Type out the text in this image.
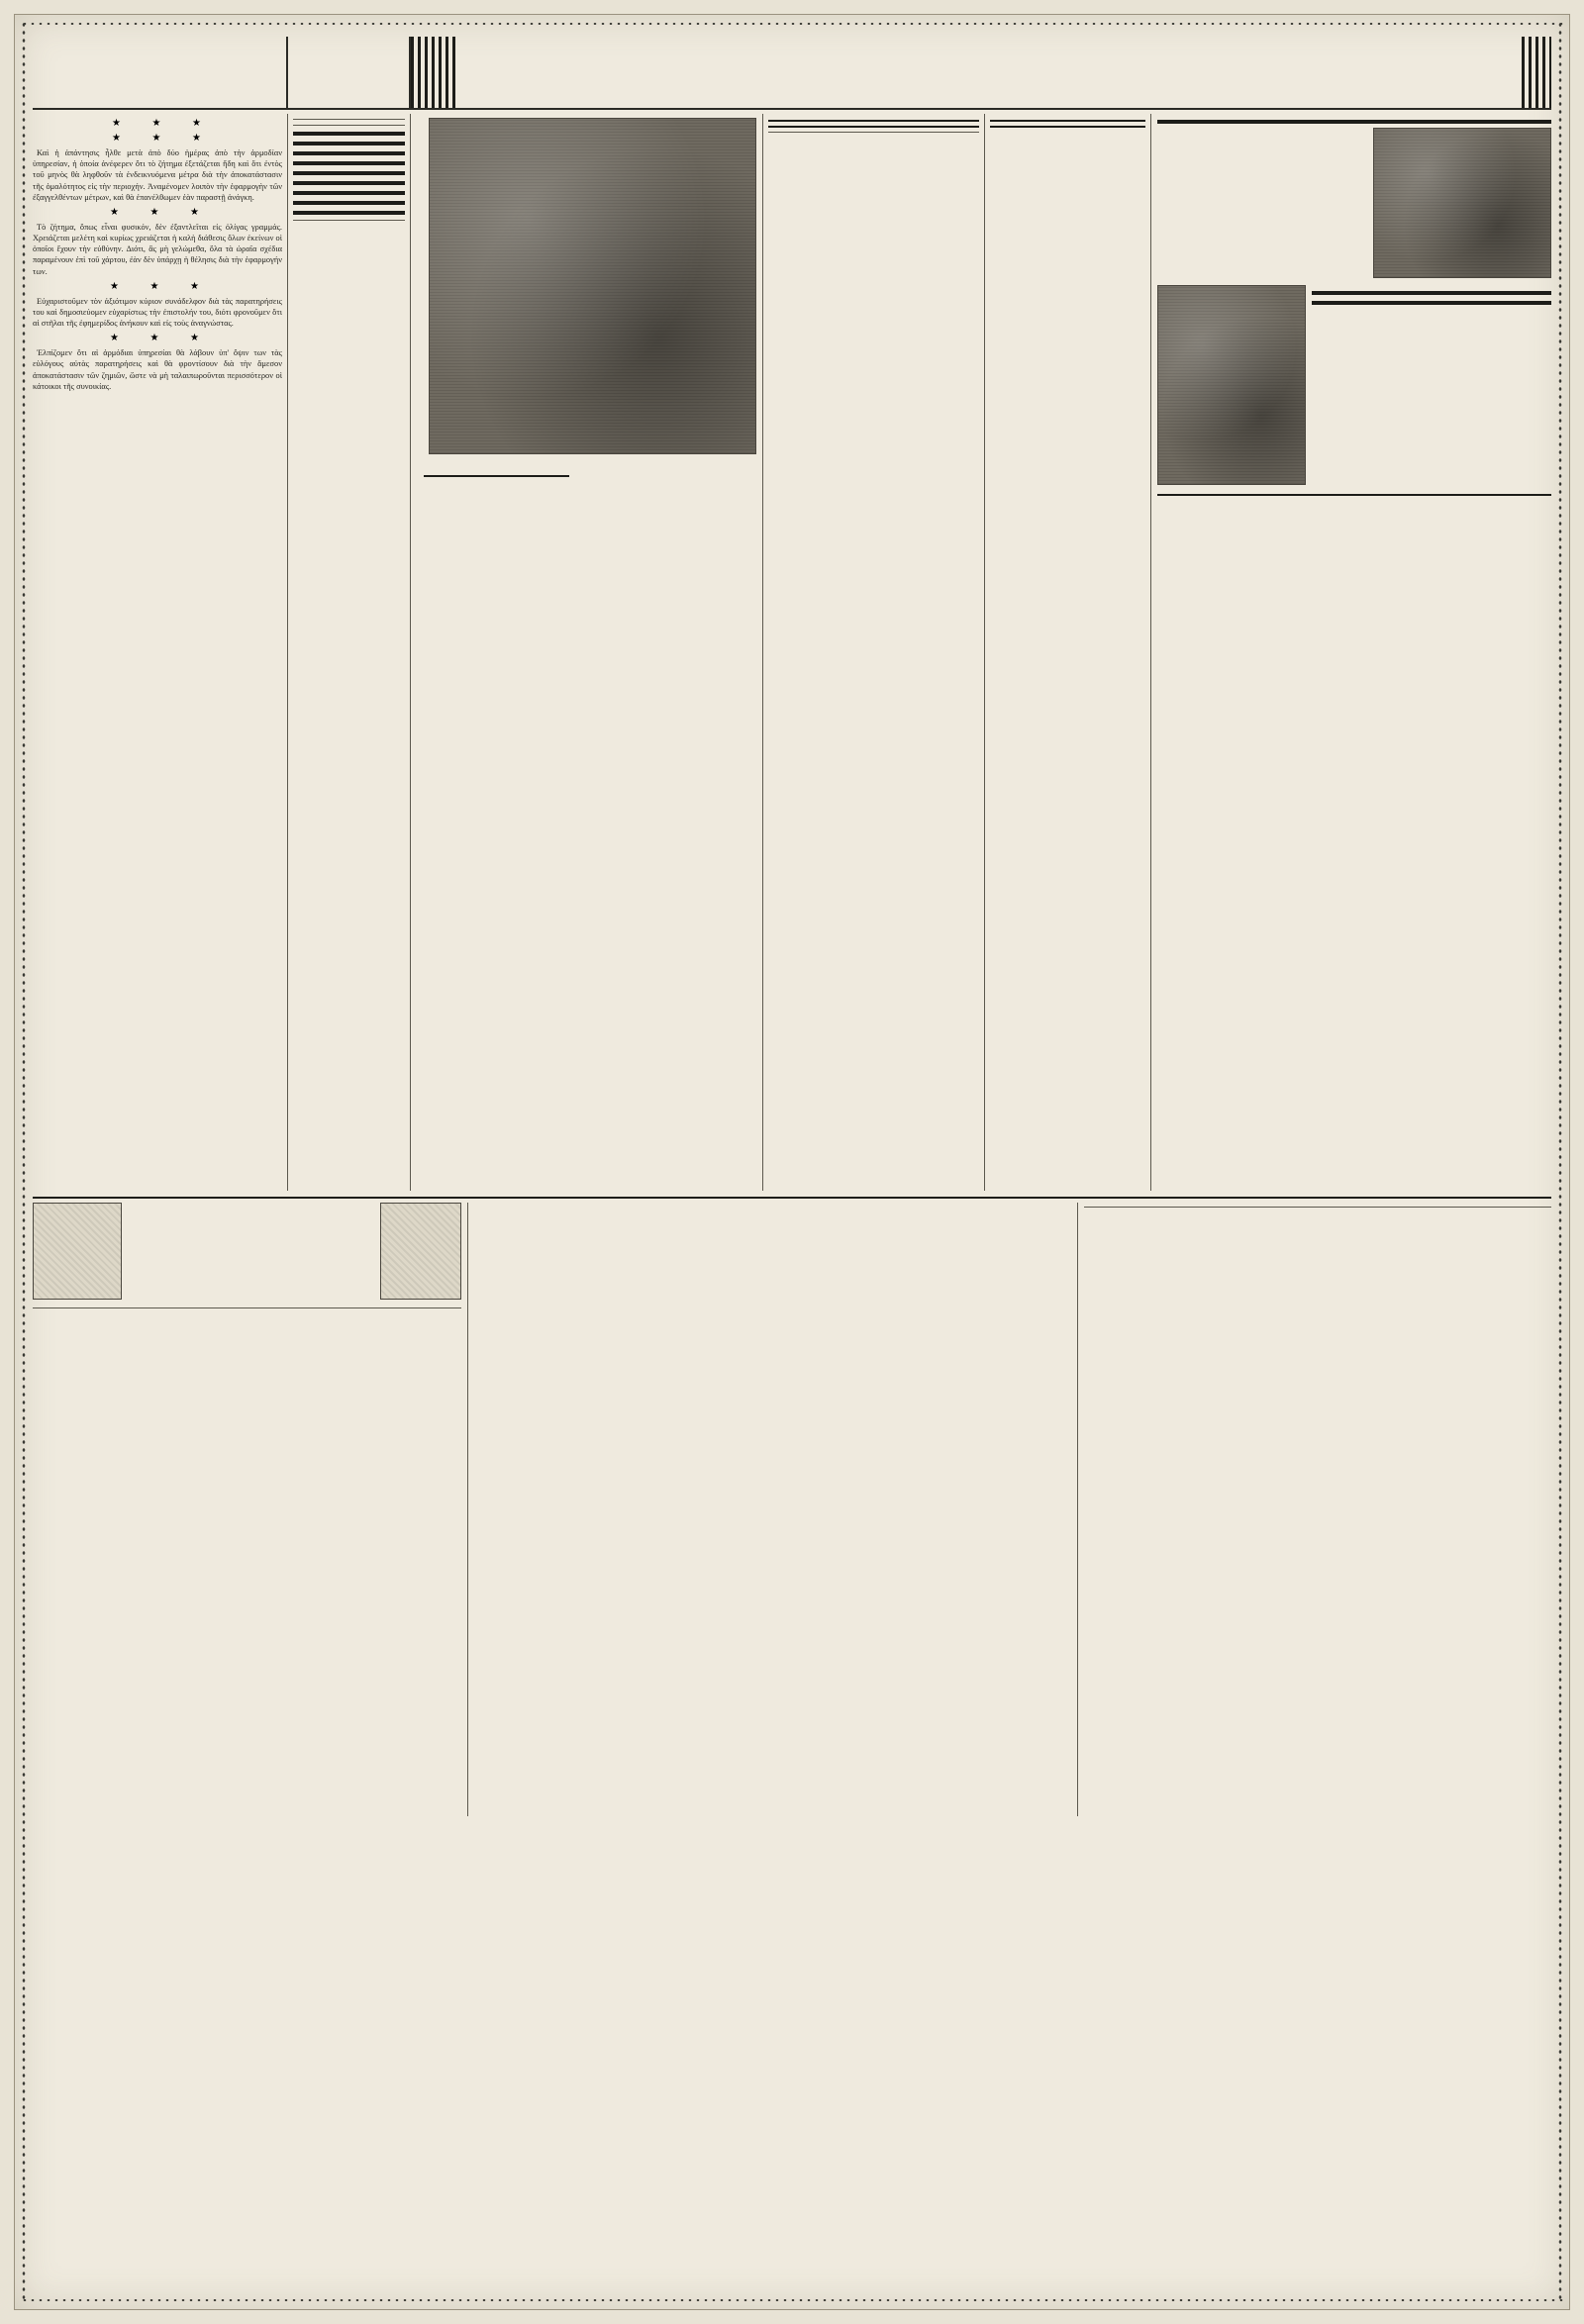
★   ★   ★

★   ★   ★

Καὶ ἡ ἀπάντησις ἦλθε μετὰ ἀπὸ δύο ἡμέρας ἀπὸ τὴν ἁρμοδίαν ὑπηρεσίαν, ἡ ὁποία ἀνέφερεν ὅτι τὸ ζήτημα ἐξετάζεται ἤδη καὶ ὅτι ἐντὸς τοῦ μηνὸς θὰ ληφθοῦν τὰ ἐνδεικνυόμενα μέτρα διὰ τὴν ἀποκατάστασιν τῆς ὁμαλότητος εἰς τὴν περιοχήν. Ἀναμένομεν λοιπὸν τὴν ἐφαρμογὴν τῶν ἐξαγγελθέντων μέτρων, καὶ θὰ ἐπανέλθωμεν ἐὰν παραστῇ ἀνάγκη.

★   ★   ★

Τὸ ζήτημα, ὅπως εἶναι φυσικόν, δὲν ἐξαντλεῖται εἰς ὀλίγας γραμμάς. Χρειάζεται μελέτη καὶ κυρίως χρειάζεται ἡ καλὴ διάθεσις ὅλων ἐκείνων οἱ ὁποῖοι ἔχουν τὴν εὐθύνην. Διότι, ἂς μὴ γελώμεθα, ὅλα τὰ ὡραῖα σχέδια παραμένουν ἐπὶ τοῦ χάρτου, ἐὰν δὲν ὑπάρχῃ ἡ θέλησις διὰ τὴν ἐφαρμογήν των.

★   ★   ★

Εὐχαριστοῦμεν τὸν ἀξιότιμον κύριον συνάδελφον διὰ τὰς παρατηρήσεις του καὶ δημοσιεύομεν εὐχαρίστως τὴν ἐπιστολήν του, διότι φρονοῦμεν ὅτι αἱ στῆλαι τῆς ἐφημερίδος ἀνήκουν καὶ εἰς τοὺς ἀναγνώστας.

★   ★   ★

Ἐλπίζομεν ὅτι αἱ ἁρμόδιαι ὑπηρεσίαι θὰ λάβουν ὑπ' ὄψιν των τὰς εὐλόγους αὐτὰς παρατηρήσεις καὶ θὰ φροντίσουν διὰ τὴν ἄμεσον ἀποκατάστασιν τῶν ζημιῶν, ὥστε νὰ μὴ ταλαιπωροῦνται περισσότερον οἱ κάτοικοι τῆς συνοικίας.
